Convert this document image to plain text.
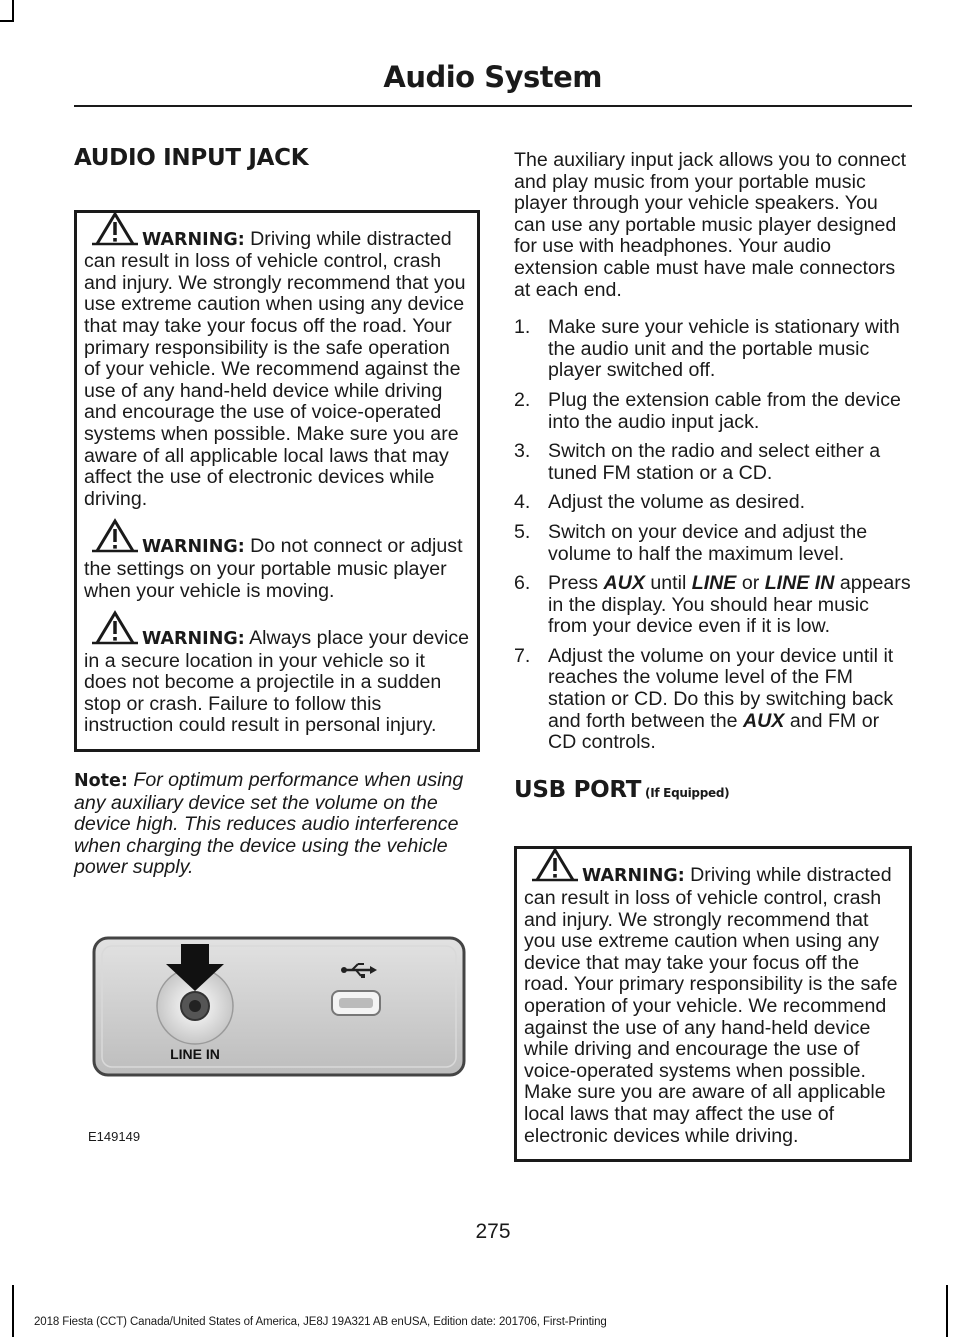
Audio System
AUDIO INPUT JACK

WARNING: Driving while distracted can result in loss of vehicle control, crash and injury. We strongly recommend that you use extreme caution when using any device that may take your focus off the road. Your primary responsibility is the safe operation of your vehicle. We recommend against the use of any hand-held device while driving and encourage the use of voice-operated systems when possible. Make sure you are aware of all applicable local laws that may affect the use of electronic devices while driving.

WARNING: Do not connect or adjust the settings on your portable music player when your vehicle is moving.

WARNING: Always place your device in a secure location in your vehicle so it does not become a projectile in a sudden stop or crash. Failure to follow this instruction could result in personal injury.

Note: For optimum performance when using any auxiliary device set the volume on the device high. This reduces audio interference when charging the device using the vehicle power supply.

LINE IN
E149149

The auxiliary input jack allows you to connect and play music from your portable music player through your vehicle speakers. You can use any portable music player designed for use with headphones. Your audio extension cable must have male connectors at each end.

1. Make sure your vehicle is stationary with the audio unit and the portable music player switched off.
2. Plug the extension cable from the device into the audio input jack.
3. Switch on the radio and select either a tuned FM station or a CD.
4. Adjust the volume as desired.
5. Switch on your device and adjust the volume to half the maximum level.
6. Press AUX until LINE or LINE IN appears in the display. You should hear music from your device even if it is low.
7. Adjust the volume on your device until it reaches the volume level of the FM station or CD. Do this by switching back and forth between the AUX and FM or CD controls.
USB PORT (If Equipped)

WARNING: Driving while distracted can result in loss of vehicle control, crash and injury. We strongly recommend that you use extreme caution when using any device that may take your focus off the road. Your primary responsibility is the safe operation of your vehicle. We recommend against the use of any hand-held device while driving and encourage the use of voice-operated systems when possible. Make sure you are aware of all applicable local laws that may affect the use of electronic devices while driving.

275
2018 Fiesta (CCT) Canada/United States of America, JE8J 19A321 AB enUSA, Edition date: 201706, First-Printing
